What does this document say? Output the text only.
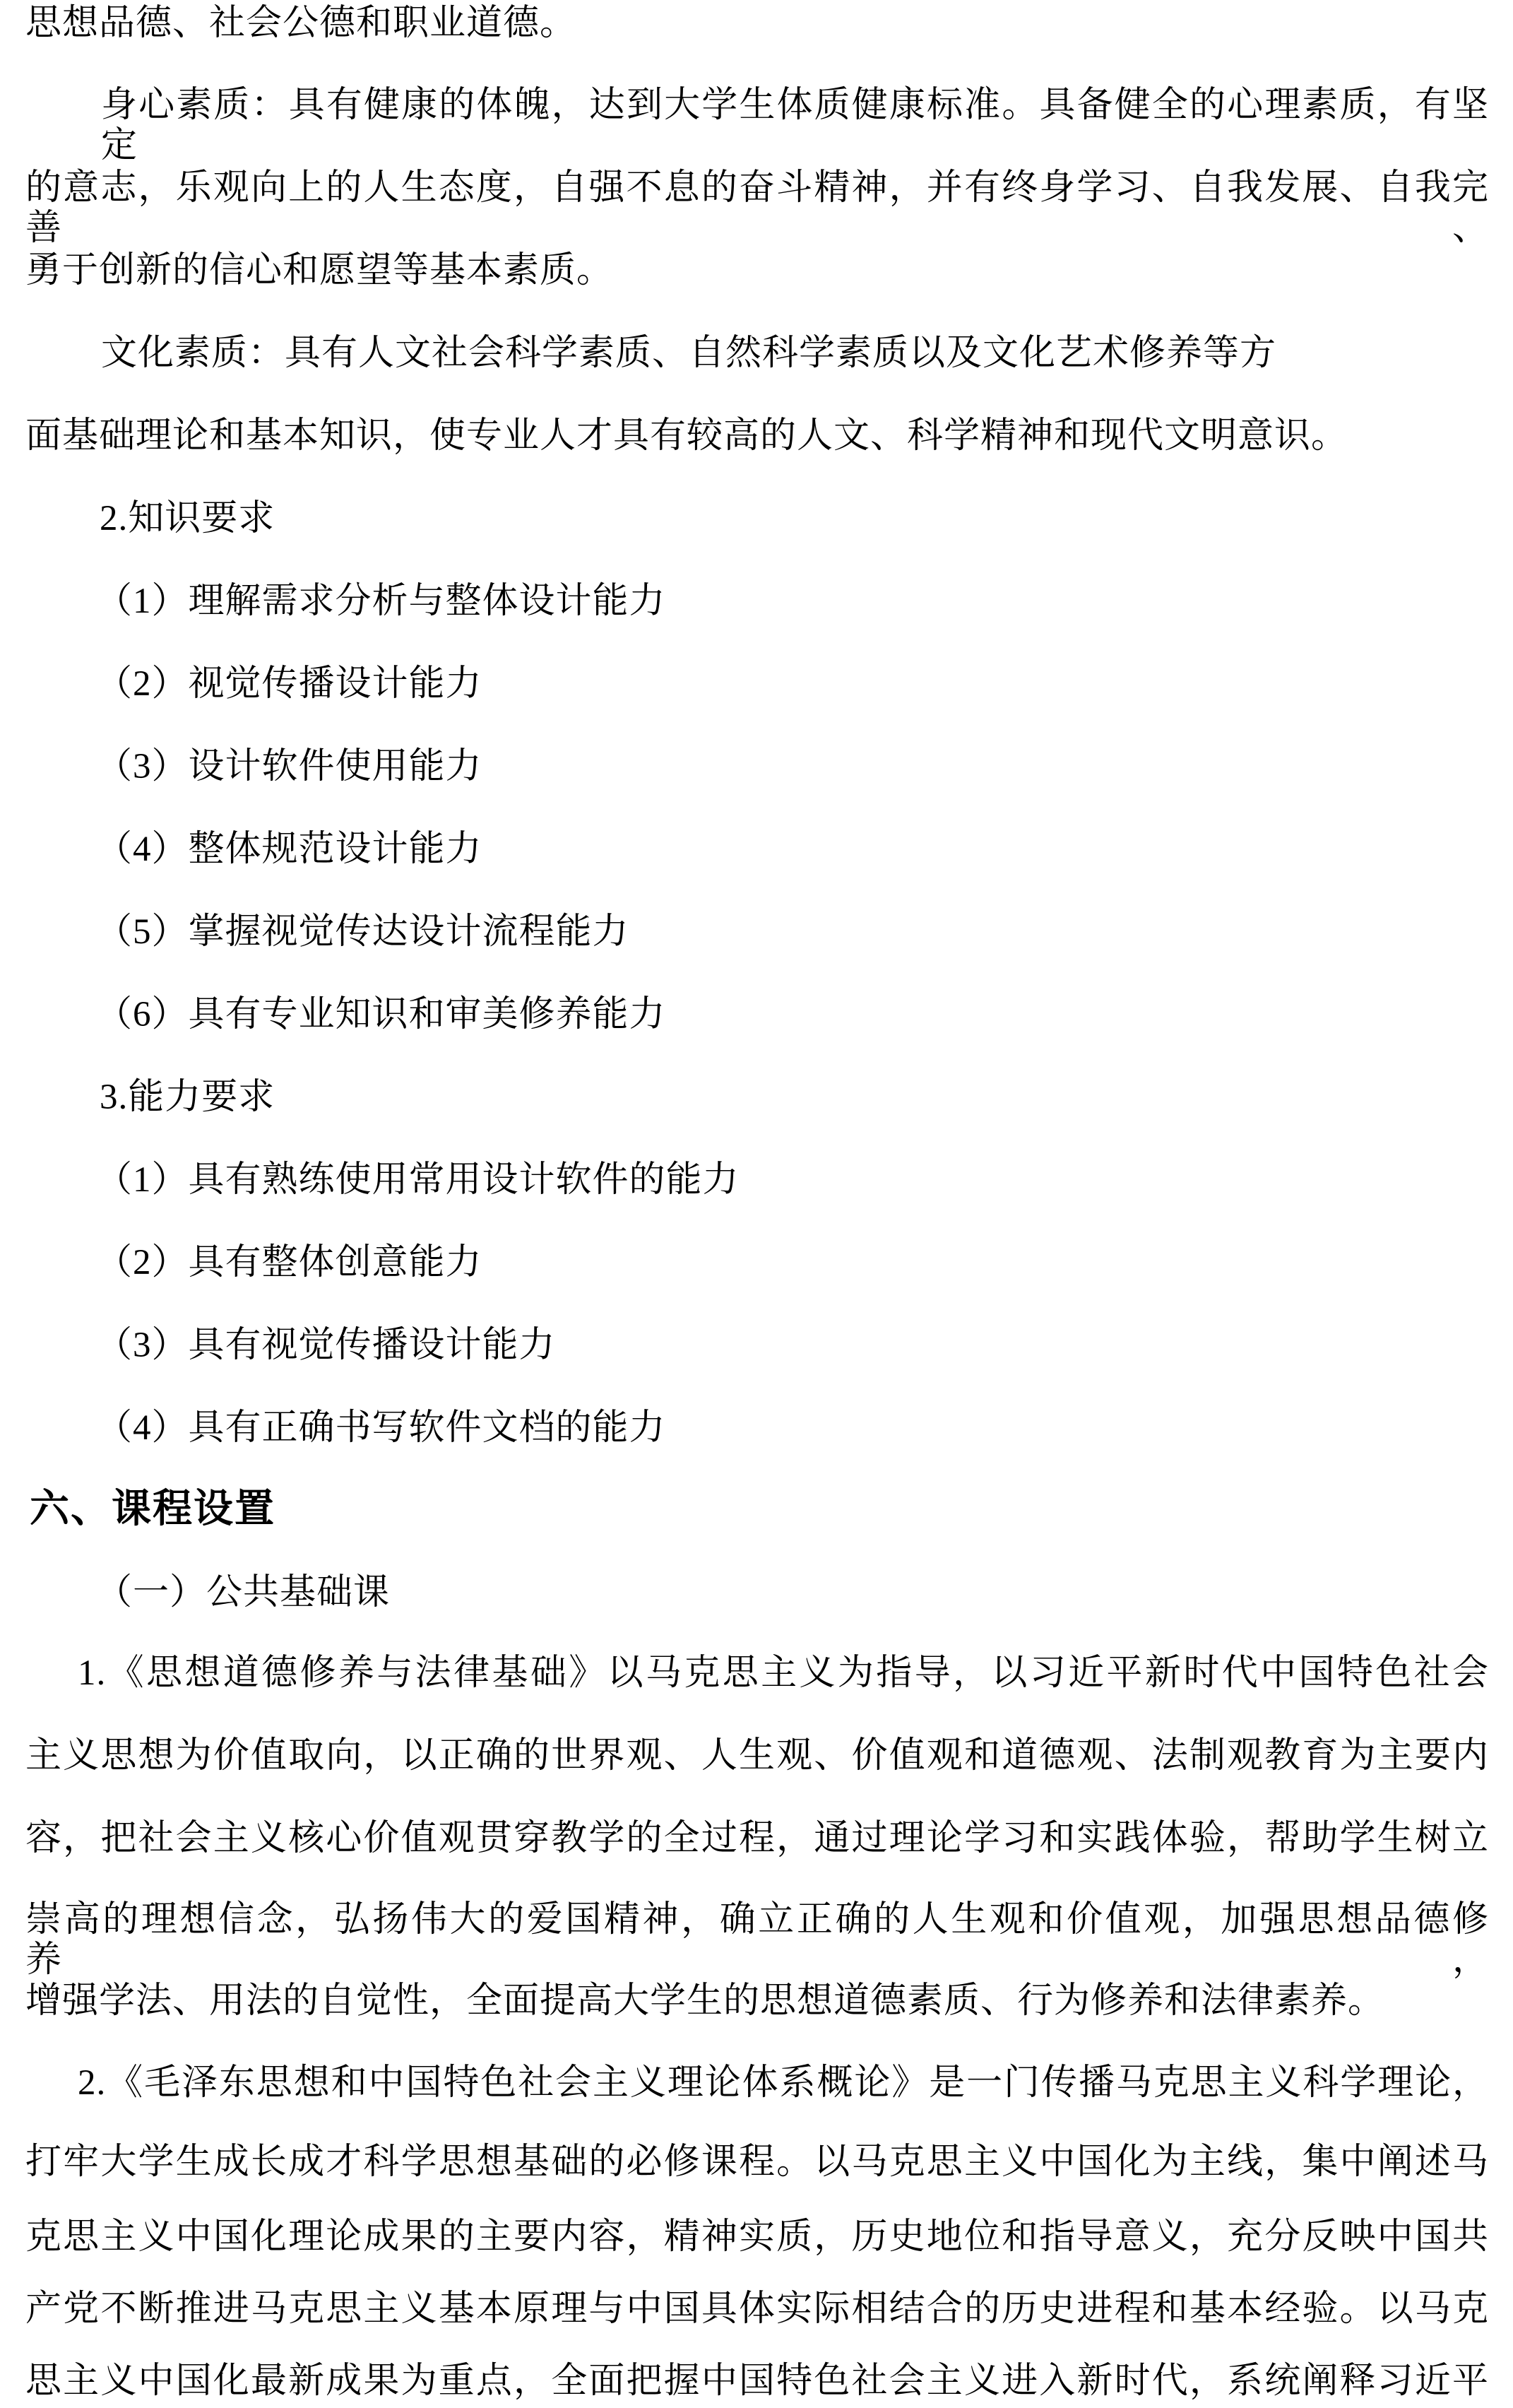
思想品德、社会公德和职业道德。
身心素质：具有健康的体魄，达到大学生体质健康标准。具备健全的心理素质，有坚定
的意志，乐观向上的人生态度，自强不息的奋斗精神，并有终身学习、自我发展、自我完善、
勇于创新的信心和愿望等基本素质。
文化素质：具有人文社会科学素质、自然科学素质以及文化艺术修养等方
面基础理论和基本知识，使专业人才具有较高的人文、科学精神和现代文明意识。
2.知识要求
（1）理解需求分析与整体设计能力
（2）视觉传播设计能力
（3）设计软件使用能力
（4）整体规范设计能力
（5）掌握视觉传达设计流程能力
（6）具有专业知识和审美修养能力
3.能力要求
（1）具有熟练使用常用设计软件的能力
（2）具有整体创意能力
（3）具有视觉传播设计能力
（4）具有正确书写软件文档的能力
六、课程设置
（一）公共基础课
1.《思想道德修养与法律基础》以马克思主义为指导，以习近平新时代中国特色社会
主义思想为价值取向，以正确的世界观、人生观、价值观和道德观、法制观教育为主要内
容，把社会主义核心价值观贯穿教学的全过程，通过理论学习和实践体验，帮助学生树立
崇高的理想信念，弘扬伟大的爱国精神，确立正确的人生观和价值观，加强思想品德修养，
增强学法、用法的自觉性，全面提高大学生的思想道德素质、行为修养和法律素养。
2.《毛泽东思想和中国特色社会主义理论体系概论》是一门传播马克思主义科学理论，
打牢大学生成长成才科学思想基础的必修课程。以马克思主义中国化为主线，集中阐述马
克思主义中国化理论成果的主要内容，精神实质，历史地位和指导意义，充分反映中国共
产党不断推进马克思主义基本原理与中国具体实际相结合的历史进程和基本经验。以马克
思主义中国化最新成果为重点，全面把握中国特色社会主义进入新时代，系统阐释习近平
